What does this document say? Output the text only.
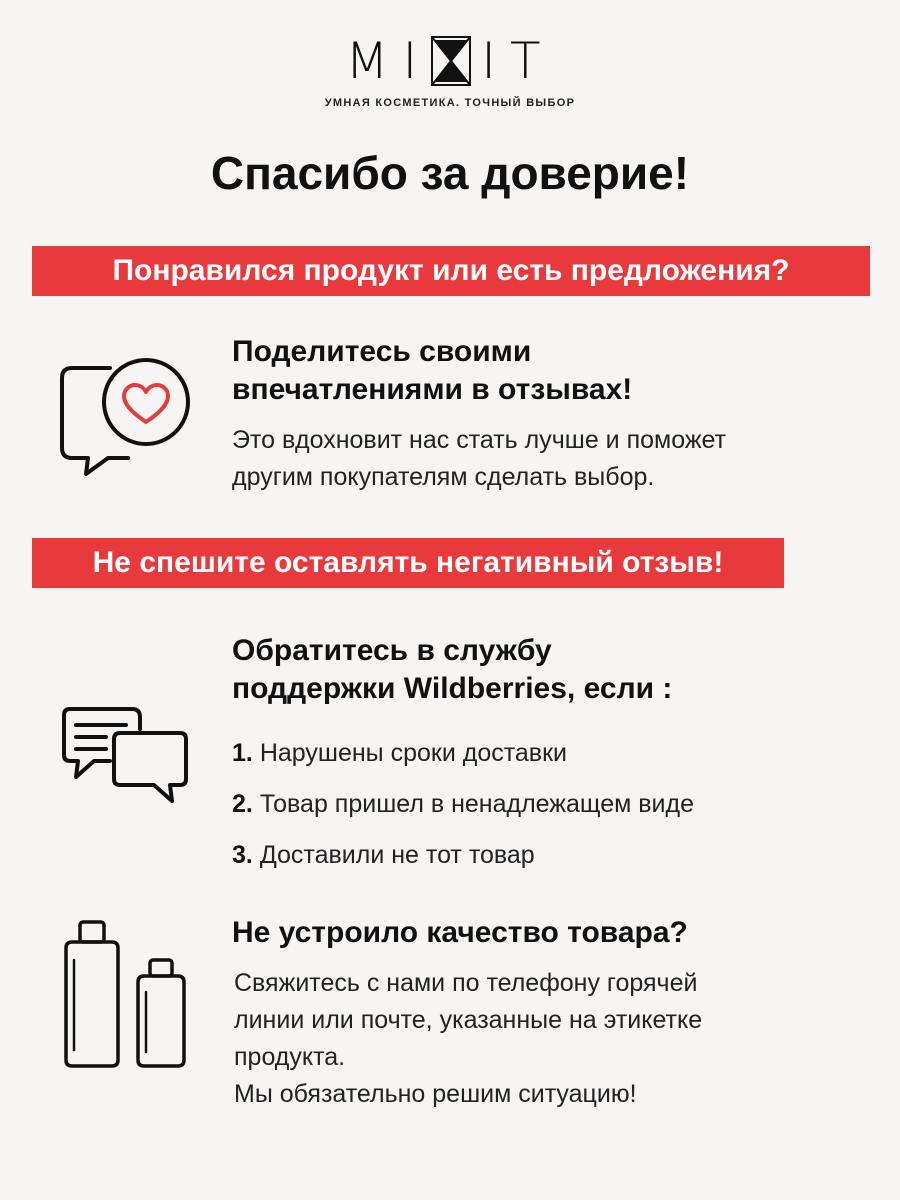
MI IT
УМНАЯ КОСМЕТИКА. ТОЧНЫЙ ВЫБОР
Спасибо за доверие!
Понравился продукт или есть предложения?
Поделитесь своими
впечатлениями в отзывах!
Это вдохновит нас стать лучше и поможет
другим покупателям сделать выбор.
Не спешите оставлять негативный отзыв!
Обратитесь в службу
поддержки Wildberries, если :
1. Нарушены сроки доставки
2. Товар пришел в ненадлежащем виде
3. Доставили не тот товар
Не устроило качество товара?
Свяжитесь с нами по телефону горячей
линии или почте, указанные на этикетке
продукта.
Мы обязательно решим ситуацию!
